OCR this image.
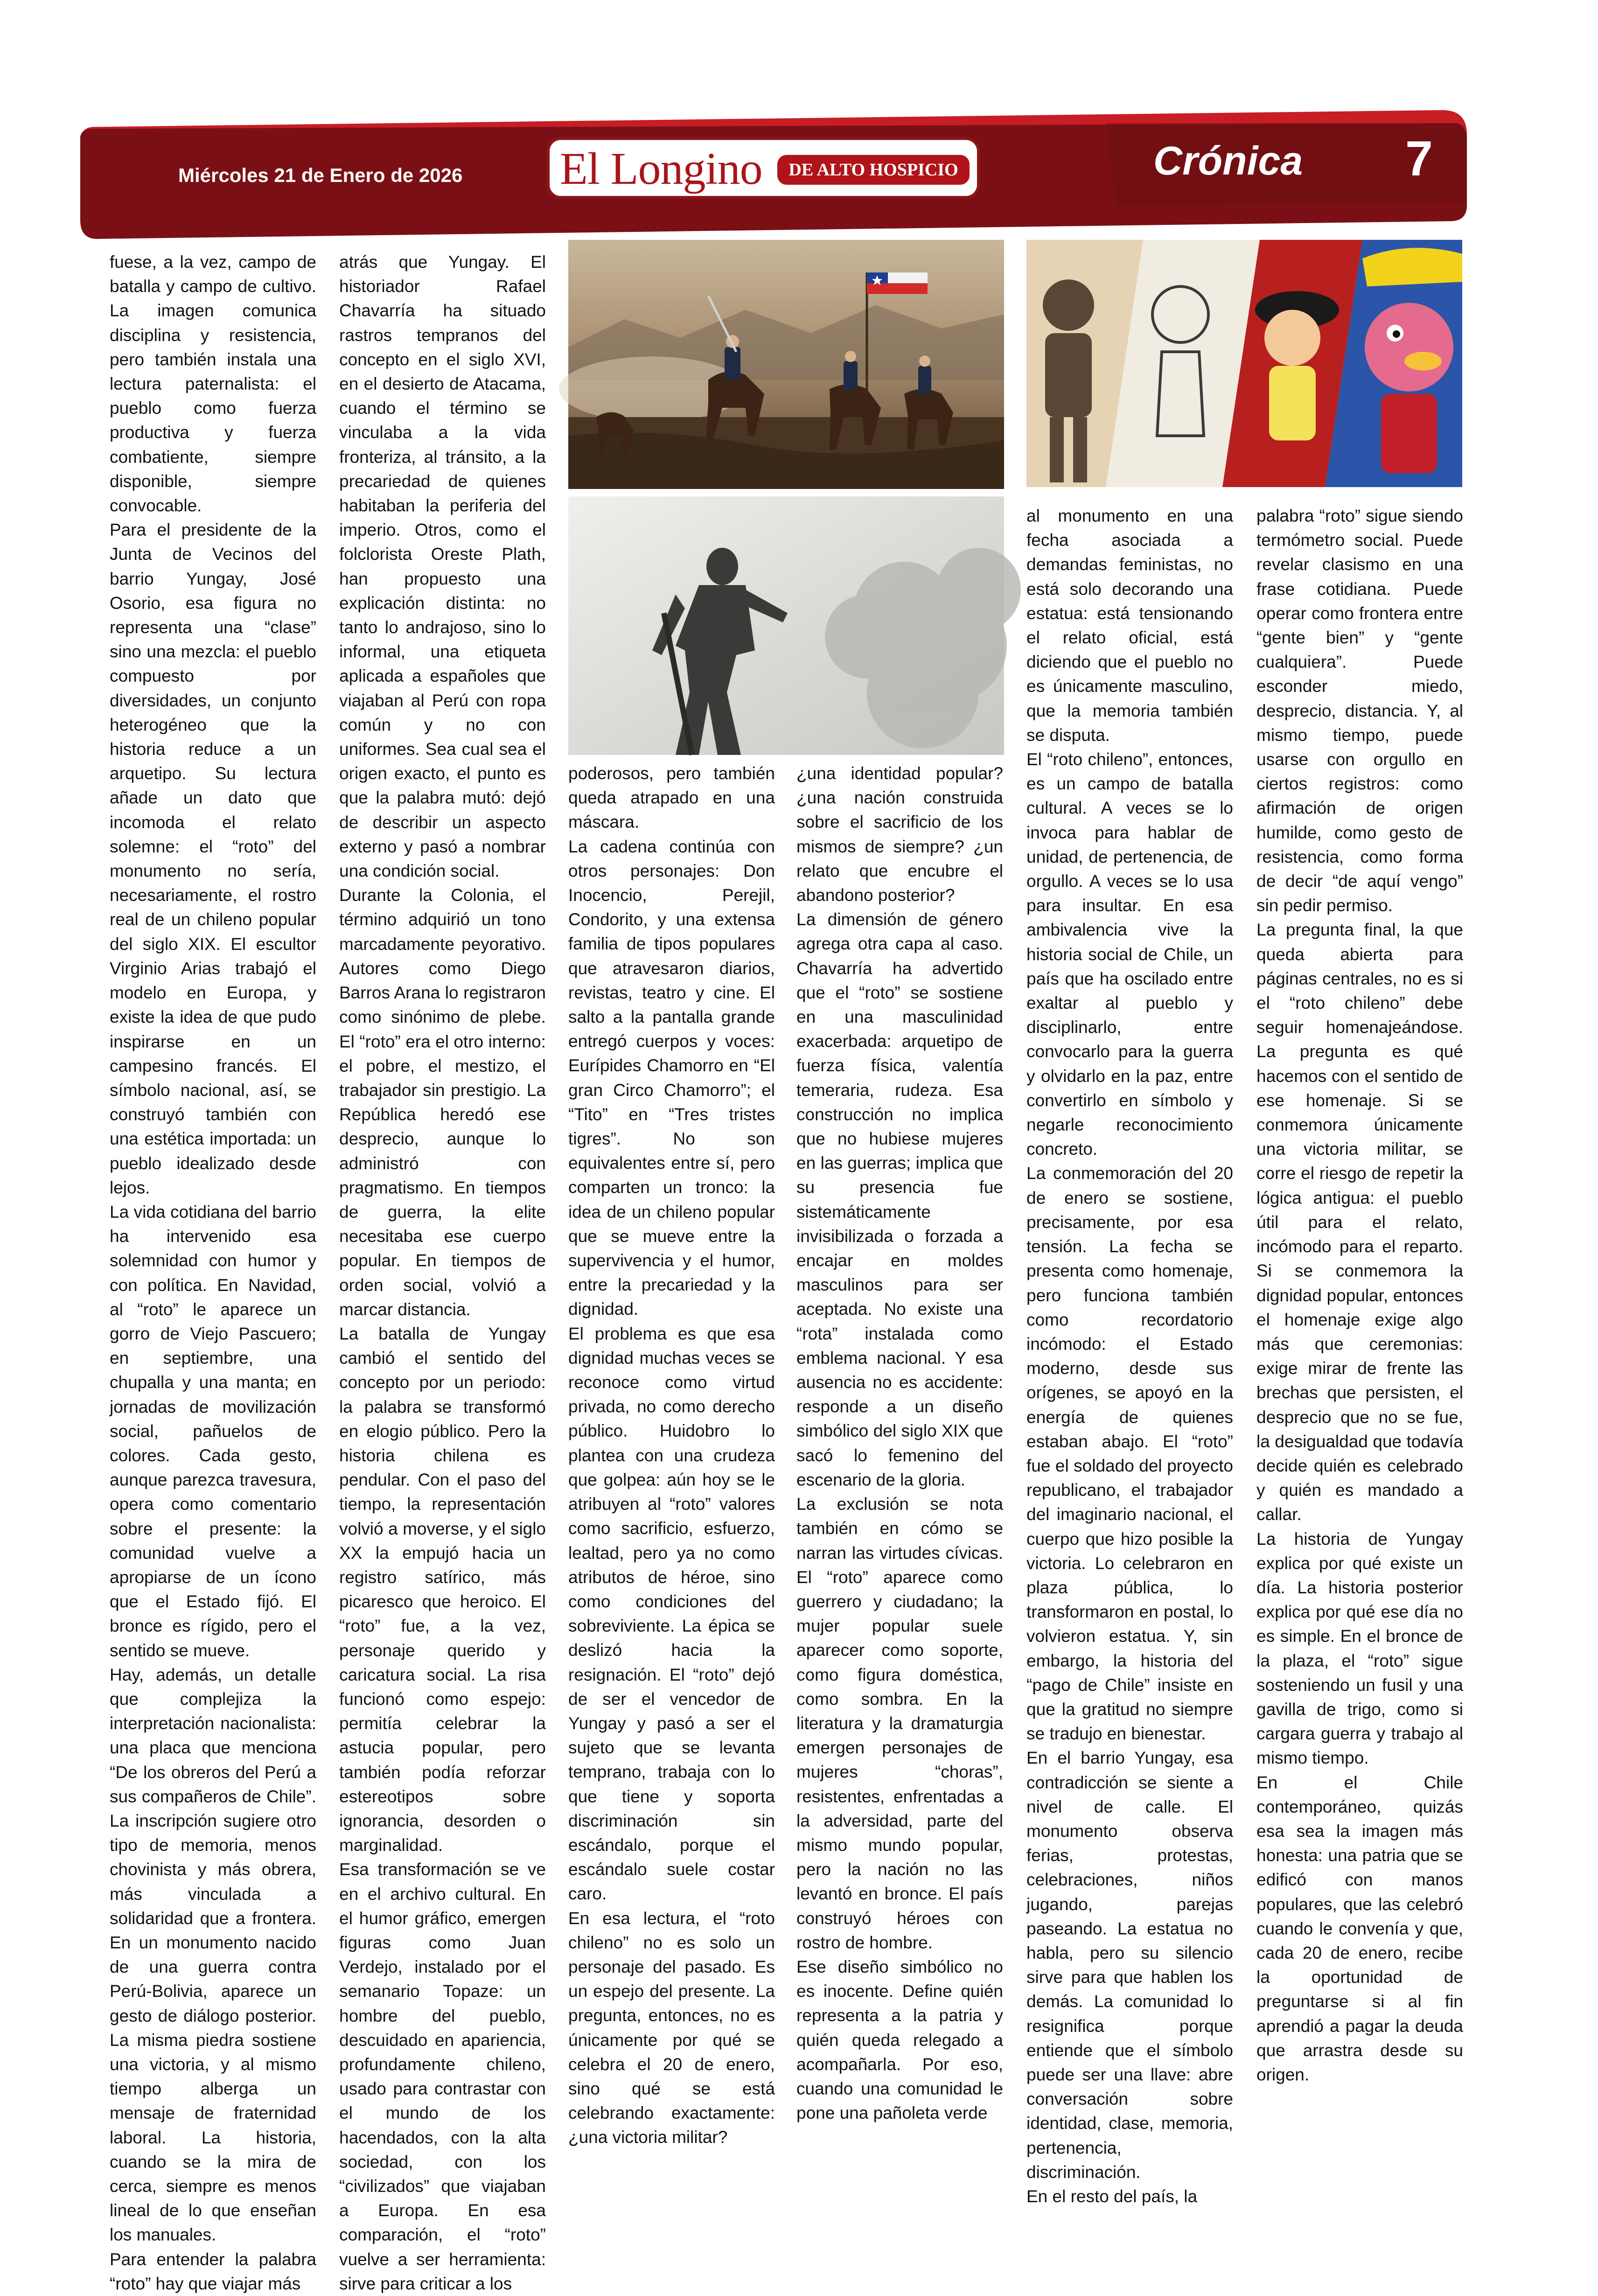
Miércoles 21 de Enero de 2026 El Longino	DE ALTO HOSPICIO	Crónica 7

fuese, a la vez, campo de batalla y campo de cultivo. La imagen comunica disciplina y resistencia, pero también instala una lectura paternalista: el pueblo como fuerza productiva y fuerza combatiente, siempre disponible, siempre convocable.

Para el presidente de la Junta de Vecinos del barrio Yungay, José Osorio, esa figura no representa una “clase” sino una mezcla: el pueblo compuesto por diversidades, un conjunto heterogéneo que la historia reduce a un arquetipo. Su lectura añade un dato que incomoda el relato solemne: el “roto” del monumento no sería, necesariamente, el rostro real de un chileno popular del siglo XIX. El escultor Virginio Arias trabajó el modelo en Europa, y existe la idea de que pudo inspirarse en un campesino francés. El símbolo nacional, así, se construyó también con una estética importada: un pueblo idealizado desde lejos.

La vida cotidiana del barrio ha intervenido esa solemnidad con humor y con política. En Navidad, al “roto” le aparece un gorro de Viejo Pascuero; en septiembre, una chupalla y una manta; en jornadas de movilización social, pañuelos de colores. Cada gesto, aunque parezca travesura, opera como comentario sobre el presente: la comunidad vuelve a apropiarse de un ícono que el Estado fijó. El bronce es rígido, pero el sentido se mueve.

Hay, además, un detalle que complejiza la interpretación nacionalista: una placa que menciona “De los obreros del Perú a sus compañeros de Chile”. La inscripción sugiere otro tipo de memoria, menos chovinista y más obrera, más vinculada a solidaridad que a frontera. En un monumento nacido de una guerra contra Perú-Bolivia, aparece un gesto de diálogo posterior. La misma piedra sostiene una victoria, y al mismo tiempo alberga un mensaje de fraternidad laboral. La historia, cuando se la mira de cerca, siempre es menos lineal de lo que enseñan los manuales.

Para entender la palabra “roto” hay que viajar más

atrás que Yungay. El historiador Rafael Chavarría ha situado rastros tempranos del concepto en el siglo XVI, en el desierto de Atacama, cuando el término se vinculaba a la vida fronteriza, al tránsito, a la precariedad de quienes habitaban la periferia del imperio. Otros, como el folclorista Oreste Plath, han propuesto una explicación distinta: no tanto lo andrajoso, sino lo informal, una etiqueta aplicada a españoles que viajaban al Perú con ropa común y no con uniformes. Sea cual sea el origen exacto, el punto es que la palabra mutó: dejó de describir un aspecto externo y pasó a nombrar una condición social.

Durante la Colonia, el término adquirió un tono marcadamente peyorativo. Autores como Diego Barros Arana lo registraron como sinónimo de plebe. El “roto” era el otro interno: el pobre, el mestizo, el trabajador sin prestigio. La República heredó ese desprecio, aunque lo administró con pragmatismo. En tiempos de guerra, la elite necesitaba ese cuerpo popular. En tiempos de orden social, volvió a marcar distancia.

La batalla de Yungay cambió el sentido del concepto por un periodo: la palabra se transformó en elogio público. Pero la historia chilena es pendular. Con el paso del tiempo, la representación volvió a moverse, y el siglo XX la empujó hacia un registro satírico, más picaresco que heroico. El “roto” fue, a la vez, personaje querido y caricatura social. La risa funcionó como espejo: permitía celebrar la astucia popular, pero también podía reforzar estereotipos sobre ignorancia, desorden o marginalidad.

Esa transformación se ve en el archivo cultural. En el humor gráfico, emergen figuras como Juan Verdejo, instalado por el semanario Topaze: un hombre del pueblo, descuidado en apariencia, profundamente chileno, usado para contrastar con el mundo de los hacendados, con la alta sociedad, con los “civilizados” que viajaban a Europa. En esa comparación, el “roto” vuelve a ser herramienta: sirve para criticar a los

poderosos, pero también queda atrapado en una máscara.

La cadena continúa con otros personajes: Don Inocencio, Perejil, Condorito, y una extensa familia de tipos populares que atravesaron diarios, revistas, teatro y cine. El salto a la pantalla grande entregó cuerpos y voces: Eurípides Chamorro en “El gran Circo Chamorro”; el “Tito” en “Tres tristes tigres”. No son equivalentes entre sí, pero comparten un tronco: la idea de un chileno popular que se mueve entre la supervivencia y el humor, entre la precariedad y la dignidad.

El problema es que esa dignidad muchas veces se reconoce como virtud privada, no como derecho público. Huidobro lo plantea con una crudeza que golpea: aún hoy se le atribuyen al “roto” valores como sacrificio, esfuerzo, lealtad, pero ya no como atributos de héroe, sino como condiciones del sobreviviente. La épica se deslizó hacia la resignación. El “roto” dejó de ser el vencedor de Yungay y pasó a ser el sujeto que se levanta temprano, trabaja con lo que tiene y soporta discriminación sin escándalo, porque el escándalo suele costar caro.

En esa lectura, el “roto chileno” no es solo un personaje del pasado. Es un espejo del presente. La pregunta, entonces, no es únicamente por qué se celebra el 20 de enero, sino qué se está celebrando exactamente: ¿una victoria militar?

¿una identidad popular? ¿una nación construida sobre el sacrificio de los mismos de siempre? ¿un relato que encubre el abandono posterior?

La dimensión de género agrega otra capa al caso. Chavarría ha advertido que el “roto” se sostiene en una masculinidad exacerbada: arquetipo de fuerza física, valentía temeraria, rudeza. Esa construcción no implica que no hubiese mujeres en las guerras; implica que su presencia fue sistemáticamente invisibilizada o forzada a encajar en moldes masculinos para ser aceptada. No existe una “rota” instalada como emblema nacional. Y esa ausencia no es accidente: responde a un diseño simbólico del siglo XIX que sacó lo femenino del escenario de la gloria.

La exclusión se nota también en cómo se narran las virtudes cívicas. El “roto” aparece como guerrero y ciudadano; la mujer popular suele aparecer como soporte, como figura doméstica, como sombra. En la literatura y la dramaturgia emergen personajes de mujeres “choras”, resistentes, enfrentadas a la adversidad, parte del mismo mundo popular, pero la nación no las levantó en bronce. El país construyó héroes con rostro de hombre.

Ese diseño simbólico no es inocente. Define quién representa a la patria y quién queda relegado a acompañarla. Por eso, cuando una comunidad le pone una pañoleta verde

al monumento en una fecha asociada a demandas feministas, no está solo decorando una estatua: está tensionando el relato oficial, está diciendo que el pueblo no es únicamente masculino, que la memoria también se disputa.

El “roto chileno”, entonces, es un campo de batalla cultural. A veces se lo invoca para hablar de unidad, de pertenencia, de orgullo. A veces se lo usa para insultar. En esa ambivalencia vive la historia social de Chile, un país que ha oscilado entre exaltar al pueblo y disciplinarlo, entre convocarlo para la guerra y olvidarlo en la paz, entre convertirlo en símbolo y negarle reconocimiento concreto.

La conmemoración del 20 de enero se sostiene, precisamente, por esa tensión. La fecha se presenta como homenaje, pero funciona también como recordatorio incómodo: el Estado moderno, desde sus orígenes, se apoyó en la energía de quienes estaban abajo. El “roto” fue el soldado del proyecto republicano, el trabajador del imaginario nacional, el cuerpo que hizo posible la victoria. Lo celebraron en plaza pública, lo transformaron en postal, lo volvieron estatua. Y, sin embargo, la historia del “pago de Chile” insiste en que la gratitud no siempre se tradujo en bienestar.

En el barrio Yungay, esa contradicción se siente a nivel de calle. El monumento observa ferias, protestas, celebraciones, niños jugando, parejas paseando. La estatua no habla, pero su silencio sirve para que hablen los demás. La comunidad lo resignifica porque entiende que el símbolo puede ser una llave: abre conversación sobre identidad, clase, memoria, pertenencia, discriminación.

En el resto del país, la

palabra “roto” sigue siendo termómetro social. Puede revelar clasismo en una frase cotidiana. Puede operar como frontera entre “gente bien” y “gente cualquiera”. Puede esconder miedo, desprecio, distancia. Y, al mismo tiempo, puede usarse con orgullo en ciertos registros: como afirmación de origen humilde, como gesto de resistencia, como forma de decir “de aquí vengo” sin pedir permiso.

La pregunta final, la que queda abierta para páginas centrales, no es si el “roto chileno” debe seguir homenajeándose. La pregunta es qué hacemos con el sentido de ese homenaje. Si se conmemora únicamente una victoria militar, se corre el riesgo de repetir la lógica antigua: el pueblo útil para el relato, incómodo para el reparto. Si se conmemora la dignidad popular, entonces el homenaje exige algo más que ceremonias: exige mirar de frente las brechas que persisten, el desprecio que no se fue, la desigualdad que todavía decide quién es celebrado y quién es mandado a callar.

La historia de Yungay explica por qué existe un día. La historia posterior explica por qué ese día no es simple. En el bronce de la plaza, el “roto” sigue sosteniendo un fusil y una gavilla de trigo, como si cargara guerra y trabajo al mismo tiempo.

En el Chile contemporáneo, quizás esa sea la imagen más honesta: una patria que se edificó con manos populares, que las celebró cuando le convenía y que, cada 20 de enero, recibe la oportunidad de preguntarse si al fin aprendió a pagar la deuda que arrastra desde su origen.
